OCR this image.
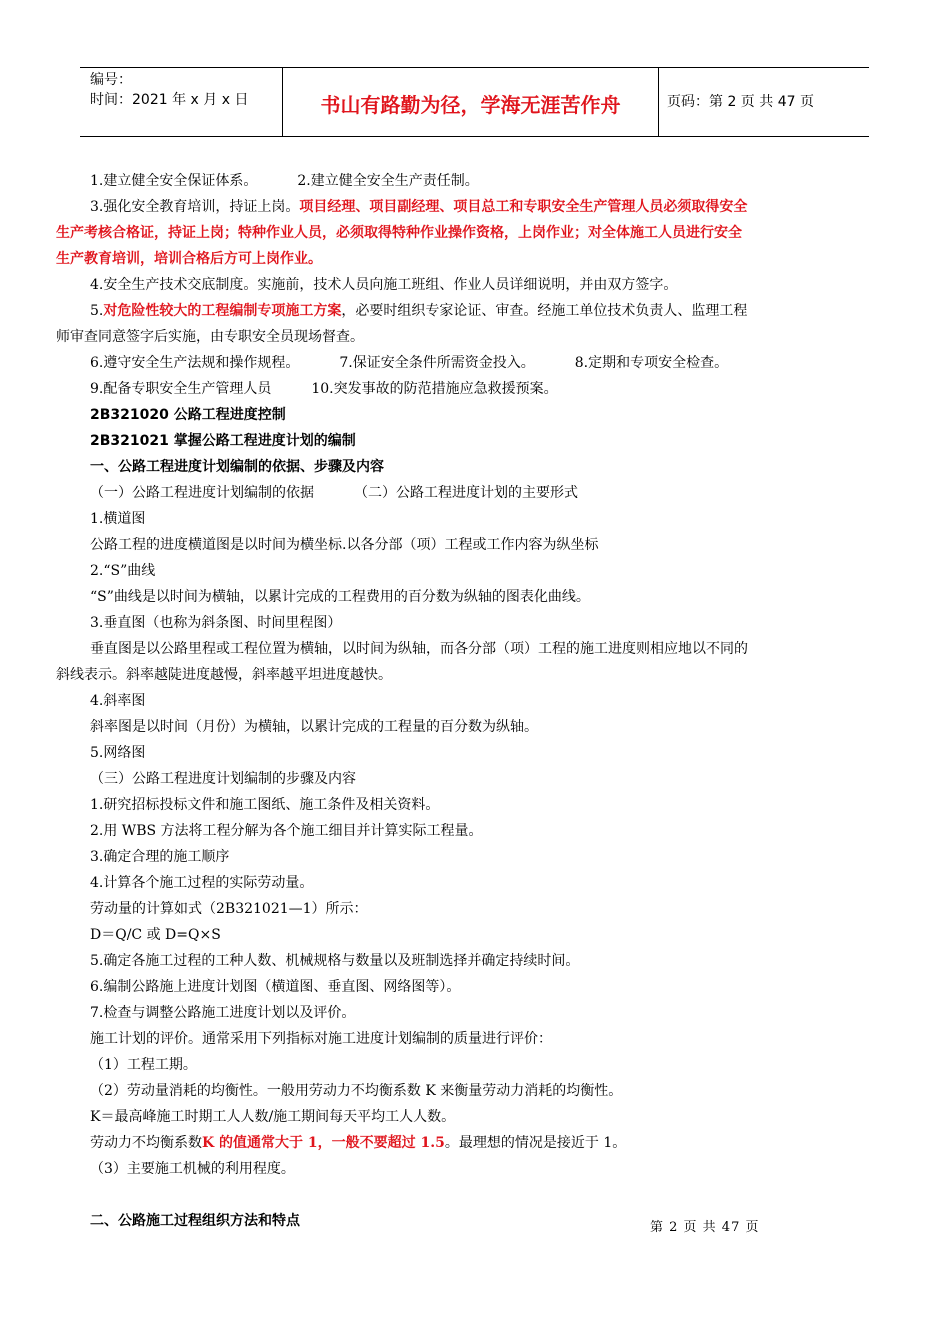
编号：
时间：2021 年 x 月 x 日	书山有路勤为径，学海无涯苦作舟	页码：第 2 页 共 47 页

1.建立健全安全保证体系。	2.建立健全安全生产责任制。

3.强化安全教育培训，持证上岗。项目经理、项目副经理、项目总工和专职安全生产管理人员必须取得安全

生产考核合格证，持证上岗；特种作业人员，必须取得特种作业操作资格，上岗作业；对全体施工人员进行安全

生产教育培训，培训合格后方可上岗作业。

4.安全生产技术交底制度。实施前，技术人员向施工班组、作业人员详细说明，并由双方签字。

5.对危险性较大的工程编制专项施工方案，必要时组织专家论证、审查。经施工单位技术负责人、监理工程

师审查同意签字后实施，由专职安全员现场督查。

6.遵守安全生产法规和操作规程。	7.保证安全条件所需资金投入。	8.定期和专项安全检查。

9.配备专职安全生产管理人员	10.突发事故的防范措施应急救援预案。

2B321020 公路工程进度控制

2B321021 掌握公路工程进度计划的编制

一、公路工程进度计划编制的依据、步骤及内容

（一）公路工程进度计划编制的依据	（二）公路工程进度计划的主要形式

1.横道图

公路工程的进度横道图是以时间为横坐标.以各分部（项）工程或工作内容为纵坐标

2.“S”曲线

“S”曲线是以时间为横轴，以累计完成的工程费用的百分数为纵轴的图表化曲线。

3.垂直图（也称为斜条图、时间里程图）

垂直图是以公路里程或工程位置为横轴，以时间为纵轴，而各分部（项）工程的施工进度则相应地以不同的

斜线表示。斜率越陡进度越慢，斜率越平坦进度越快。

4.斜率图

斜率图是以时间（月份）为横轴，以累计完成的工程量的百分数为纵轴。

5.网络图

（三）公路工程进度计划编制的步骤及内容

1.研究招标投标文件和施工图纸、施工条件及相关资料。

2.用 WBS 方法将工程分解为各个施工细目并计算实际工程量。

3.确定合理的施工顺序

4.计算各个施工过程的实际劳动量。

劳动量的计算如式（2B321021—1）所示：

D＝Q/C 或 D=Q×S

5.确定各施工过程的工种人数、机械规格与数量以及班制选择并确定持续时间。

6.编制公路施上进度计划图（横道图、垂直图、网络图等）。

7.检查与调整公路施工进度计划以及评价。

施工计划的评价。通常采用下列指标对施工进度计划编制的质量进行评价：

（1）工程工期。

（2）劳动量消耗的均衡性。一般用劳动力不均衡系数 K 来衡量劳动力消耗的均衡性。

K＝最高峰施工时期工人人数/施工期间每天平均工人人数。

劳动力不均衡系数K 的值通常大于 1，一般不要超过 1.5。最理想的情况是接近于 1。

（3）主要施工机械的利用程度。

二、公路施工过程组织方法和特点	第 2 页 共 47 页
